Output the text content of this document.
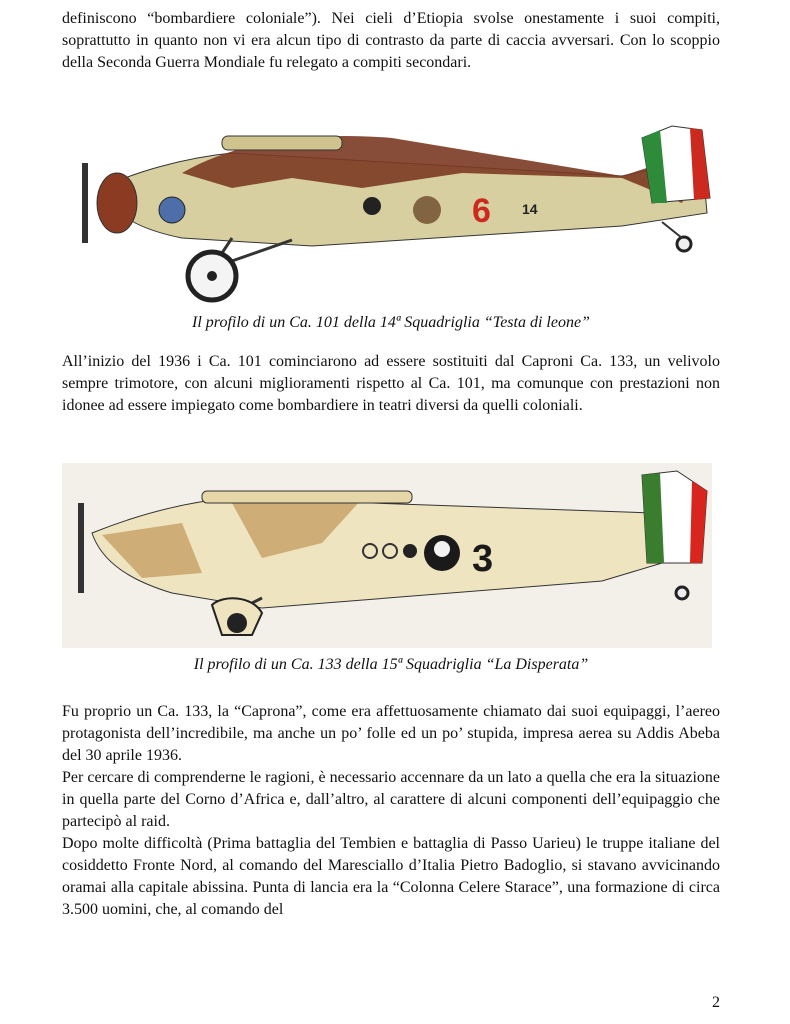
definiscono “bombardiere coloniale”). Nei cieli d’Etiopia svolse onestamente i suoi compiti, soprattutto in quanto non vi era alcun tipo di contrasto da parte di caccia avversari. Con lo scoppio della Seconda Guerra Mondiale fu relegato a compiti secondari.

6 14

Il profilo di un Ca. 101 della 14ª Squadriglia “Testa di leone”

All’inizio del 1936 i Ca. 101 cominciarono ad essere sostituiti dal Caproni Ca. 133, un velivolo sempre trimotore, con alcuni miglioramenti rispetto al Ca. 101, ma comunque con prestazioni non idonee ad essere impiegato come bombardiere in teatri diversi da quelli coloniali.

3

Il profilo di un Ca. 133 della 15ª Squadriglia “La Disperata”

Fu proprio un Ca. 133, la “Caprona”, come era affettuosamente chiamato dai suoi equipaggi, l’aereo protagonista dell’incredibile, ma anche un po’ folle ed un po’ stupida, impresa aerea su Addis Abeba del 30 aprile 1936.

Per cercare di comprenderne le ragioni, è necessario accennare da un lato a quella che era la situazione in quella parte del Corno d’Africa e, dall’altro, al carattere di alcuni componenti dell’equipaggio che partecipò al raid.

Dopo molte difficoltà (Prima battaglia del Tembien e battaglia di Passo Uarieu) le truppe italiane del cosiddetto Fronte Nord, al comando del Maresciallo d’Italia Pietro Badoglio, si stavano avvicinando oramai alla capitale abissina. Punta di lancia era la “Colonna Celere Starace”, una formazione di circa 3.500 uomini, che, al comando del

2
